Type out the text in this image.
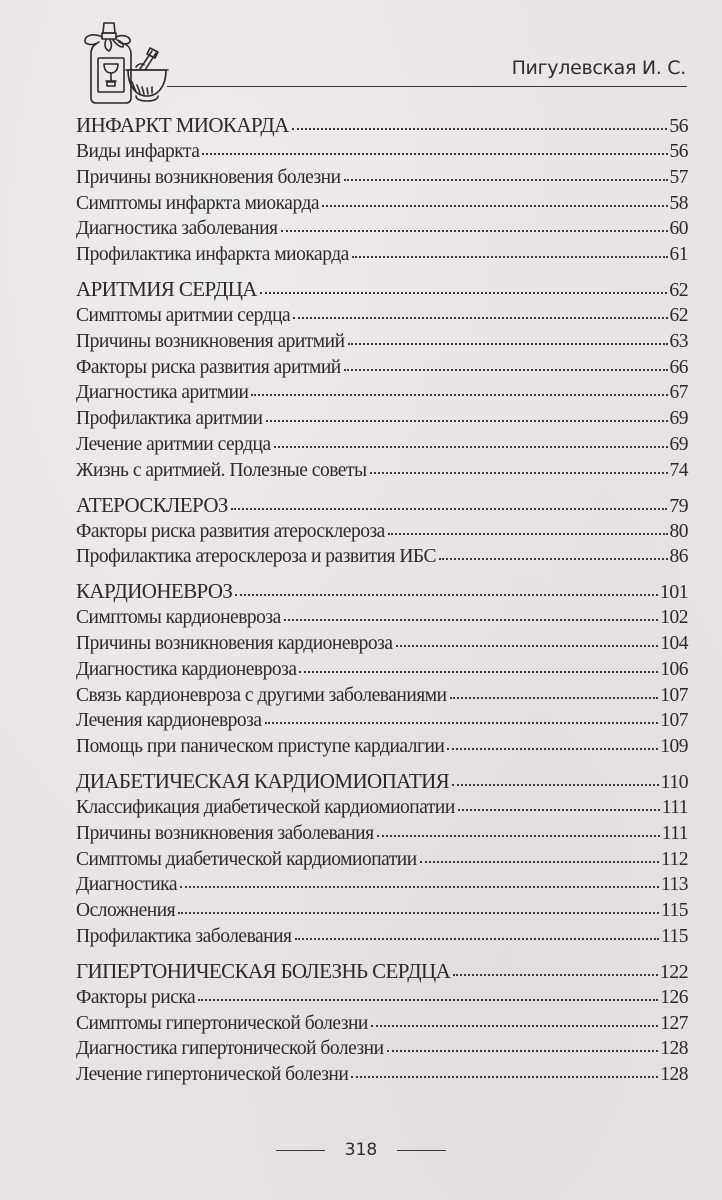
Пигулевская И. С.
ИНФАРКТ МИОКАРДА	56
Виды инфаркта	56
Причины возникновения болезни	57
Симптомы инфаркта миокарда	58
Диагностика заболевания	60
Профилактика инфаркта миокарда	61
АРИТМИЯ СЕРДЦА	62
Симптомы аритмии сердца	62
Причины возникновения аритмий	63
Факторы риска развития аритмий	66
Диагностика аритмии	67
Профилактика аритмии	69
Лечение аритмии сердца	69
Жизнь с аритмией. Полезные советы	74
АТЕРОСКЛЕРОЗ	79
Факторы риска развития атеросклероза	80
Профилактика атеросклероза и развития ИБС	86
КАРДИОНЕВРОЗ	101
Симптомы кардионевроза	102
Причины возникновения кардионевроза	104
Диагностика кардионевроза	106
Связь кардионевроза с другими заболеваниями	107
Лечения кардионевроза	107
Помощь при паническом приступе кардиалгии	109
ДИАБЕТИЧЕСКАЯ КАРДИОМИОПАТИЯ	110
Классификация диабетической кардиомиопатии	111
Причины возникновения заболевания	111
Симптомы диабетической кардиомиопатии	112
Диагностика	113
Осложнения	115
Профилактика заболевания	115
ГИПЕРТОНИЧЕСКАЯ БОЛЕЗНЬ СЕРДЦА	122
Факторы риска	126
Симптомы гипертонической болезни	127
Диагностика гипертонической болезни	128
Лечение гипертонической болезни	128
318
